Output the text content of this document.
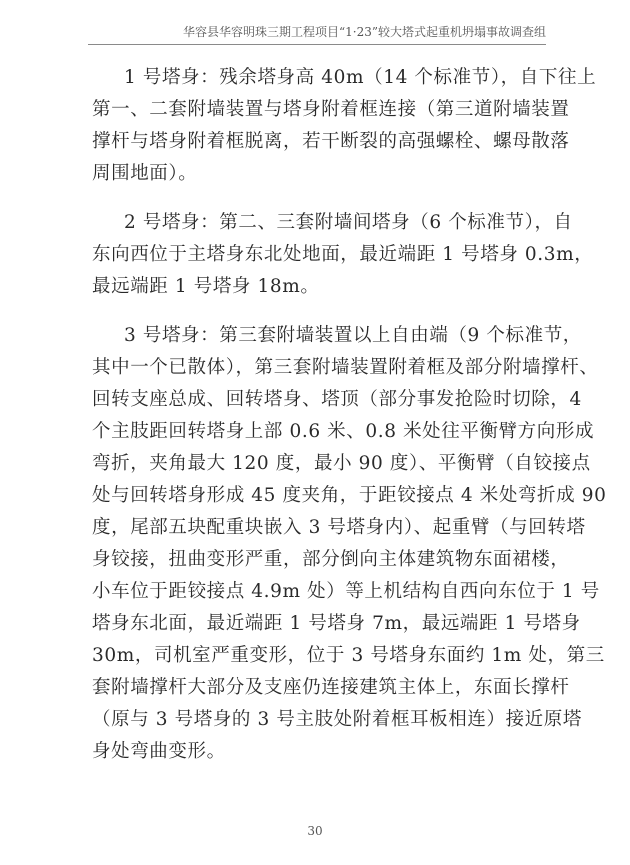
华容县华容明珠三期工程项目“1·23”较大塔式起重机坍塌事故调查组
1 号塔身：残余塔身高 40m（14 个标准节），自下往上
第一、二套附墙装置与塔身附着框连接（第三道附墙装置
撑杆与塔身附着框脱离，若干断裂的高强螺栓、螺母散落
周围地面）。
2 号塔身：第二、三套附墙间塔身（6 个标准节），自
东向西位于主塔身东北处地面，最近端距 1 号塔身 0.3m，
最远端距 1 号塔身 18m。
3 号塔身：第三套附墙装置以上自由端（9 个标准节，
其中一个已散体），第三套附墙装置附着框及部分附墙撑杆、
回转支座总成、回转塔身、塔顶（部分事发抢险时切除，4
个主肢距回转塔身上部 0.6 米、0.8 米处往平衡臂方向形成
弯折，夹角最大 120 度，最小 90 度）、平衡臂（自铰接点
处与回转塔身形成 45 度夹角，于距铰接点 4 米处弯折成 90
度，尾部五块配重块嵌入 3 号塔身内）、起重臂（与回转塔
身铰接，扭曲变形严重，部分倒向主体建筑物东面裙楼，
小车位于距铰接点 4.9m 处）等上机结构自西向东位于 1 号
塔身东北面，最近端距 1 号塔身 7m，最远端距 1 号塔身
30m，司机室严重变形，位于 3 号塔身东面约 1m 处，第三
套附墙撑杆大部分及支座仍连接建筑主体上，东面长撑杆
（原与 3 号塔身的 3 号主肢处附着框耳板相连）接近原塔
身处弯曲变形。
30
